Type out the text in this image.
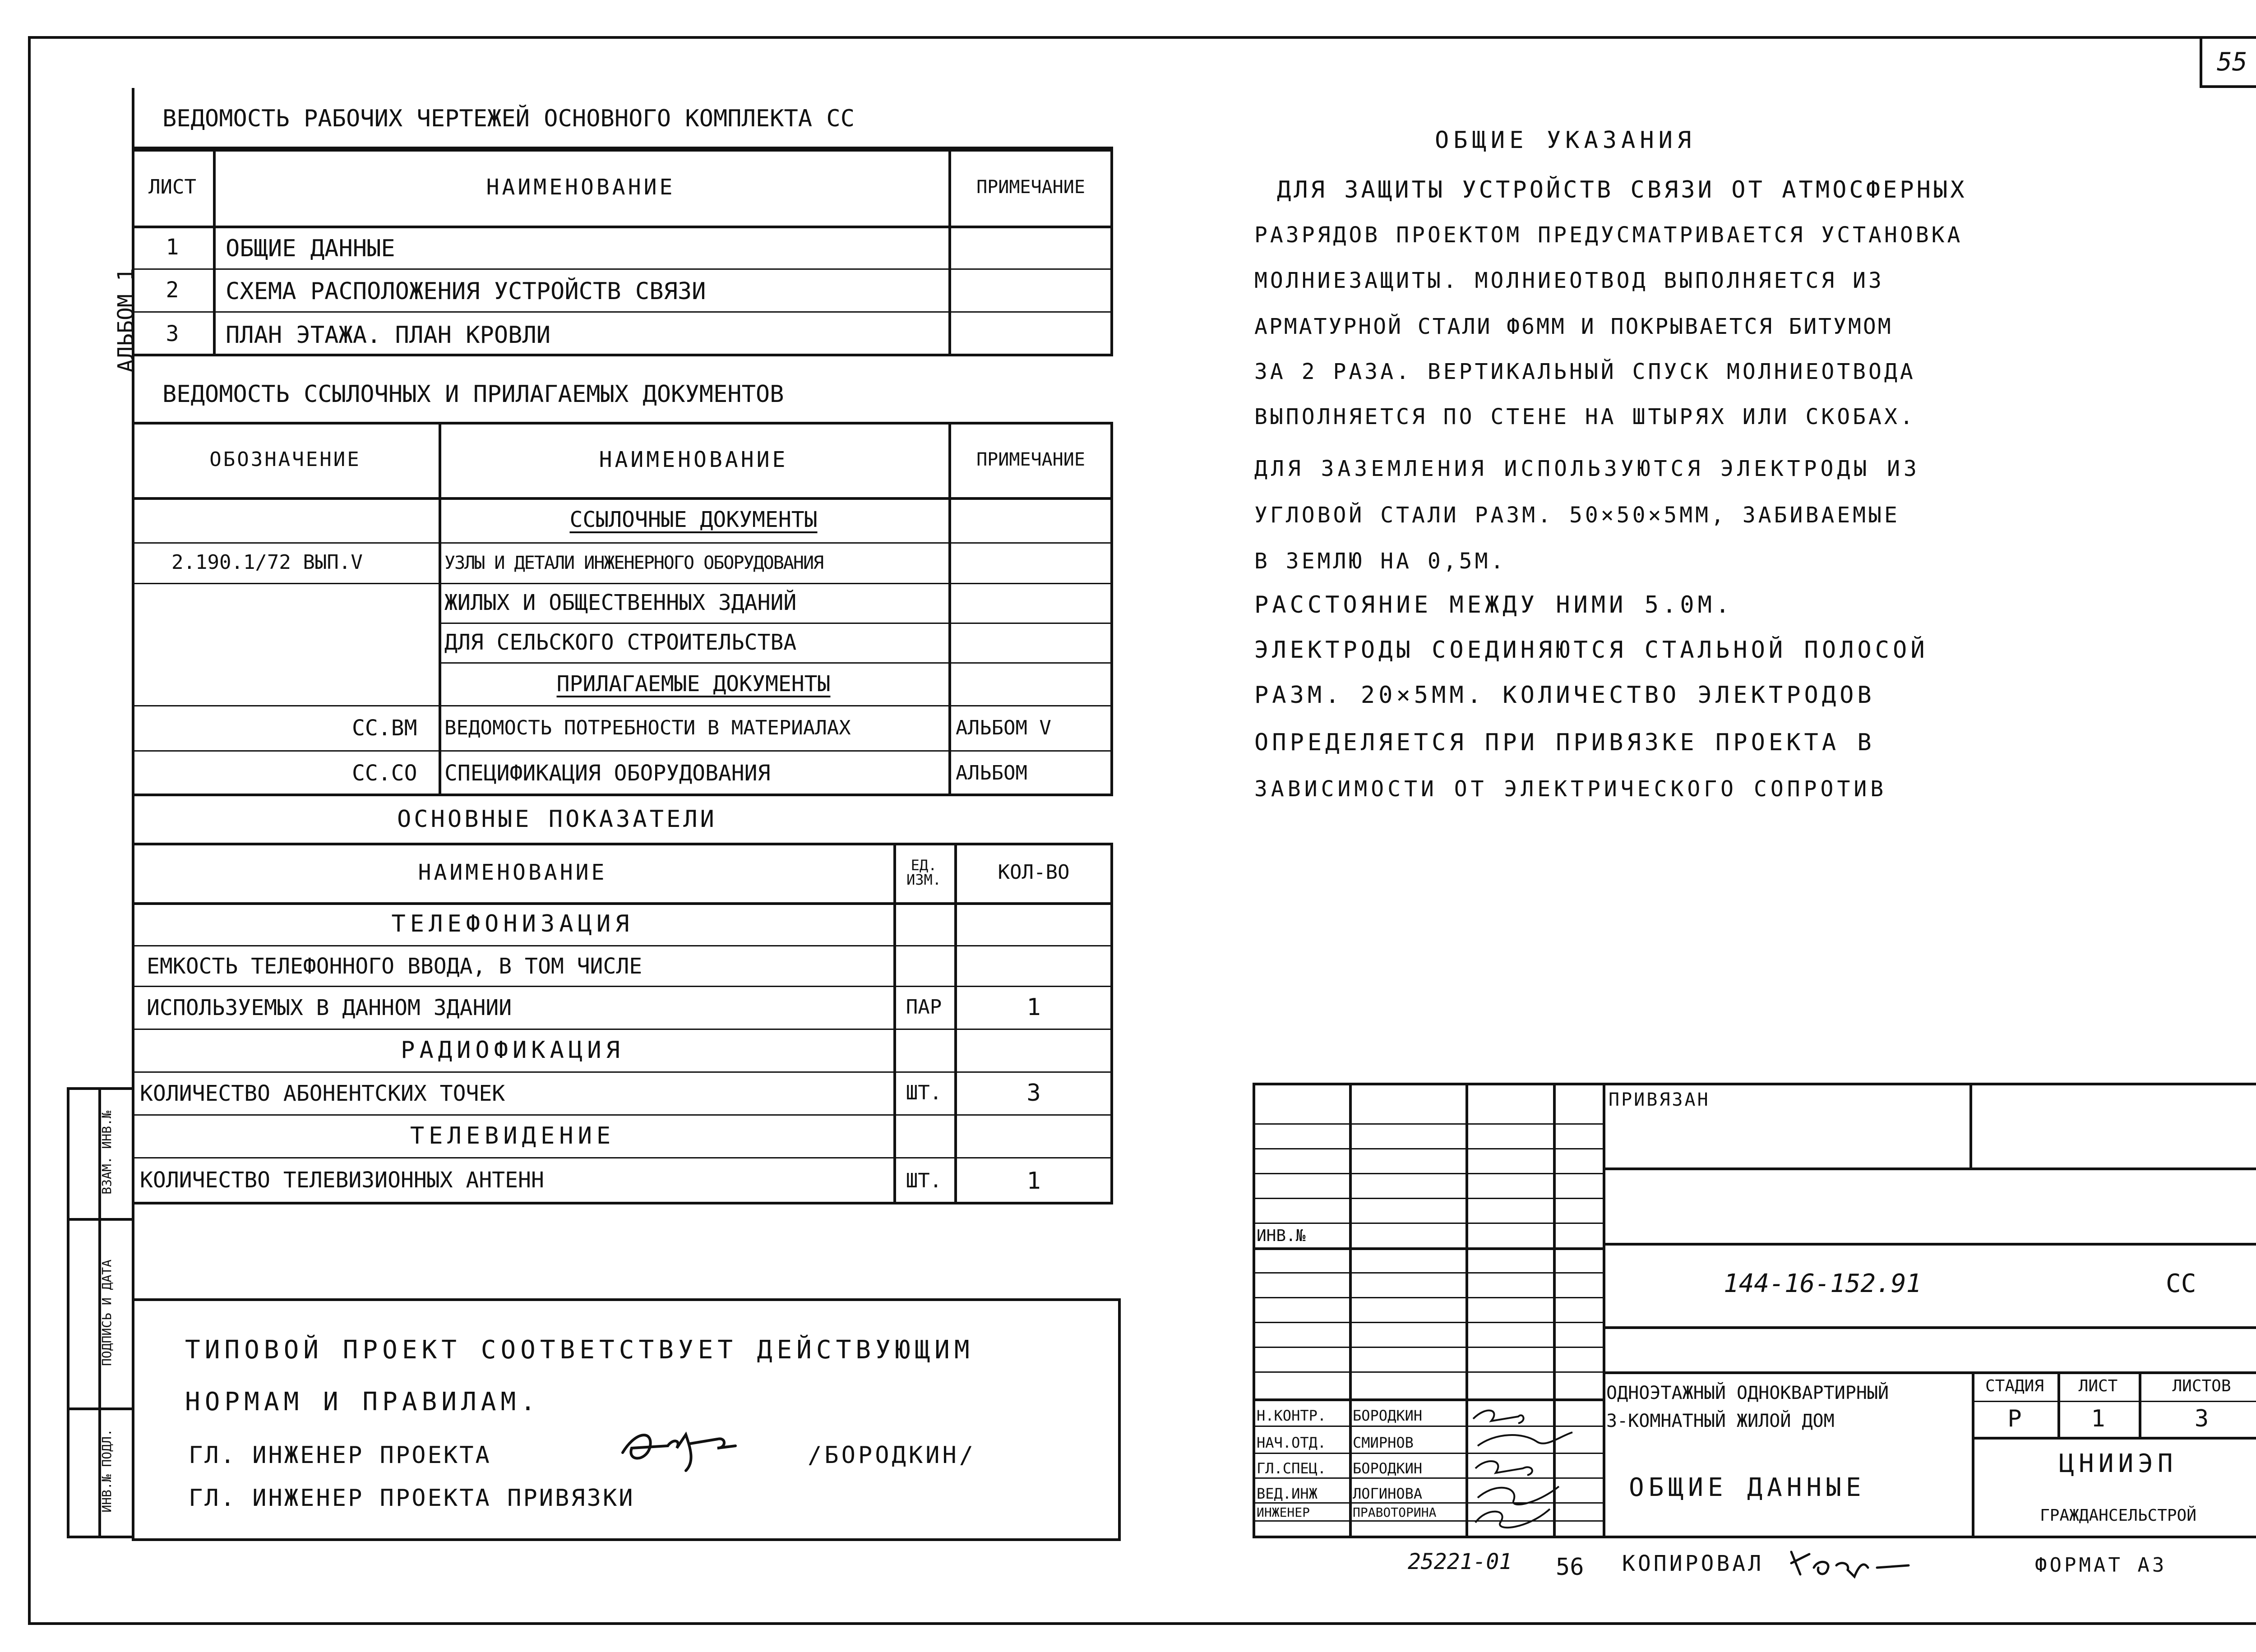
55
АЛЬБОМ 1
ИНВ.№ ПОДЛ.
ПОДПИСЬ И ДАТА
ВЗАМ. ИНВ.№
ВЕДОМОСТЬ РАБОЧИХ ЧЕРТЕЖЕЙ ОСНОВНОГО КОМПЛЕКТА СС
ЛИСТ	НАИМЕНОВАНИЕ	ПРИМЕЧАНИЕ
1	ОБЩИЕ ДАННЫЕ
2	СХЕМА РАСПОЛОЖЕНИЯ УСТРОЙСТВ СВЯЗИ
3	ПЛАН ЭТАЖА. ПЛАН КРОВЛИ
ВЕДОМОСТЬ ССЫЛОЧНЫХ И ПРИЛАГАЕМЫХ ДОКУМЕНТОВ
ОБОЗНАЧЕНИЕ	НАИМЕНОВАНИЕ	ПРИМЕЧАНИЕ
ССЫЛОЧНЫЕ ДОКУМЕНТЫ
2.190.1/72 ВЫП.V	УЗЛЫ И ДЕТАЛИ ИНЖЕНЕРНОГО ОБОРУДОВАНИЯ
ЖИЛЫХ И ОБЩЕСТВЕННЫХ ЗДАНИЙ
ДЛЯ СЕЛЬСКОГО СТРОИТЕЛЬСТВА
ПРИЛАГАЕМЫЕ ДОКУМЕНТЫ
СС.ВМ ВЕДОМОСТЬ ПОТРЕБНОСТИ В МАТЕРИАЛАХ	АЛЬБОМ V
СС.СО СПЕЦИФИКАЦИЯ ОБОРУДОВАНИЯ	АЛЬБОМ
ОСНОВНЫЕ ПОКАЗАТЕЛИ
НАИМЕНОВАНИЕ	ЕД. ИЗМ.	КОЛ-ВО
ТЕЛЕФОНИЗАЦИЯ
ЕМКОСТЬ ТЕЛЕФОННОГО ВВОДА, В ТОМ ЧИСЛЕ
ИСПОЛЬЗУЕМЫХ В ДАННОМ ЗДАНИИ	ПАР	1
РАДИОФИКАЦИЯ
КОЛИЧЕСТВО АБОНЕНТСКИХ ТОЧЕК	ШТ.	3
ТЕЛЕВИДЕНИЕ
КОЛИЧЕСТВО ТЕЛЕВИЗИОННЫХ АНТЕНН	ШТ.	1
ТИПОВОЙ ПРОЕКТ СООТВЕТСТВУЕТ ДЕЙСТВУЮЩИМ
НОРМАМ И ПРАВИЛАМ.
ГЛ. ИНЖЕНЕР ПРОЕКТА	/БОРОДКИН/
ГЛ. ИНЖЕНЕР ПРОЕКТА ПРИВЯЗКИ
ОБЩИЕ УКАЗАНИЯ
ДЛЯ ЗАЩИТЫ УСТРОЙСТВ СВЯЗИ ОТ АТМОСФЕРНЫХ
РАЗРЯДОВ ПРОЕКТОМ ПРЕДУСМАТРИВАЕТСЯ УСТАНОВКА
МОЛНИЕЗАЩИТЫ. МОЛНИЕОТВОД ВЫПОЛНЯЕТСЯ ИЗ
АРМАТУРНОЙ СТАЛИ Ф6ММ И ПОКРЫВАЕТСЯ БИТУМОМ
ЗА 2 РАЗА. ВЕРТИКАЛЬНЫЙ СПУСК МОЛНИЕОТВОДА
ВЫПОЛНЯЕТСЯ ПО СТЕНЕ НА ШТЫРЯХ ИЛИ СКОБАХ.
ДЛЯ ЗАЗЕМЛЕНИЯ ИСПОЛЬЗУЮТСЯ ЭЛЕКТРОДЫ ИЗ
УГЛОВОЙ СТАЛИ РАЗМ. 50×50×5ММ, ЗАБИВАЕМЫЕ
В ЗЕМЛЮ НА 0,5М.
РАССТОЯНИЕ МЕЖДУ НИМИ 5.0М.
ЭЛЕКТРОДЫ СОЕДИНЯЮТСЯ СТАЛЬНОЙ ПОЛОСОЙ
РАЗМ. 20×5ММ. КОЛИЧЕСТВО ЭЛЕКТРОДОВ
ОПРЕДЕЛЯЕТСЯ ПРИ ПРИВЯЗКЕ ПРОЕКТА В
ЗАВИСИМОСТИ ОТ ЭЛЕКТРИЧЕСКОГО СОПРОТИВ
ПРИВЯЗАН
ИНВ.№
144-16-152.91	СС
ОДНОЭТАЖНЫЙ ОДНОКВАРТИРНЫЙ
3-КОМНАТНЫЙ ЖИЛОЙ ДОМ
ОБЩИЕ ДАННЫЕ
СТАДИЯ	ЛИСТ	ЛИСТОВ
Р	1	3
ЦНИИЭП
ГРАЖДАНСЕЛЬСТРОЙ
Н.КОНТР. БОРОДКИН
НАЧ.ОТД. СМИРНОВ
ГЛ.СПЕЦ. БОРОДКИН
ВЕД.ИНЖ ЛОГИНОВА
ИНЖЕНЕР	ПРАВОТОРИНА
25221-01 56 КОПИРОВАЛ	ФОРМАТ А3
